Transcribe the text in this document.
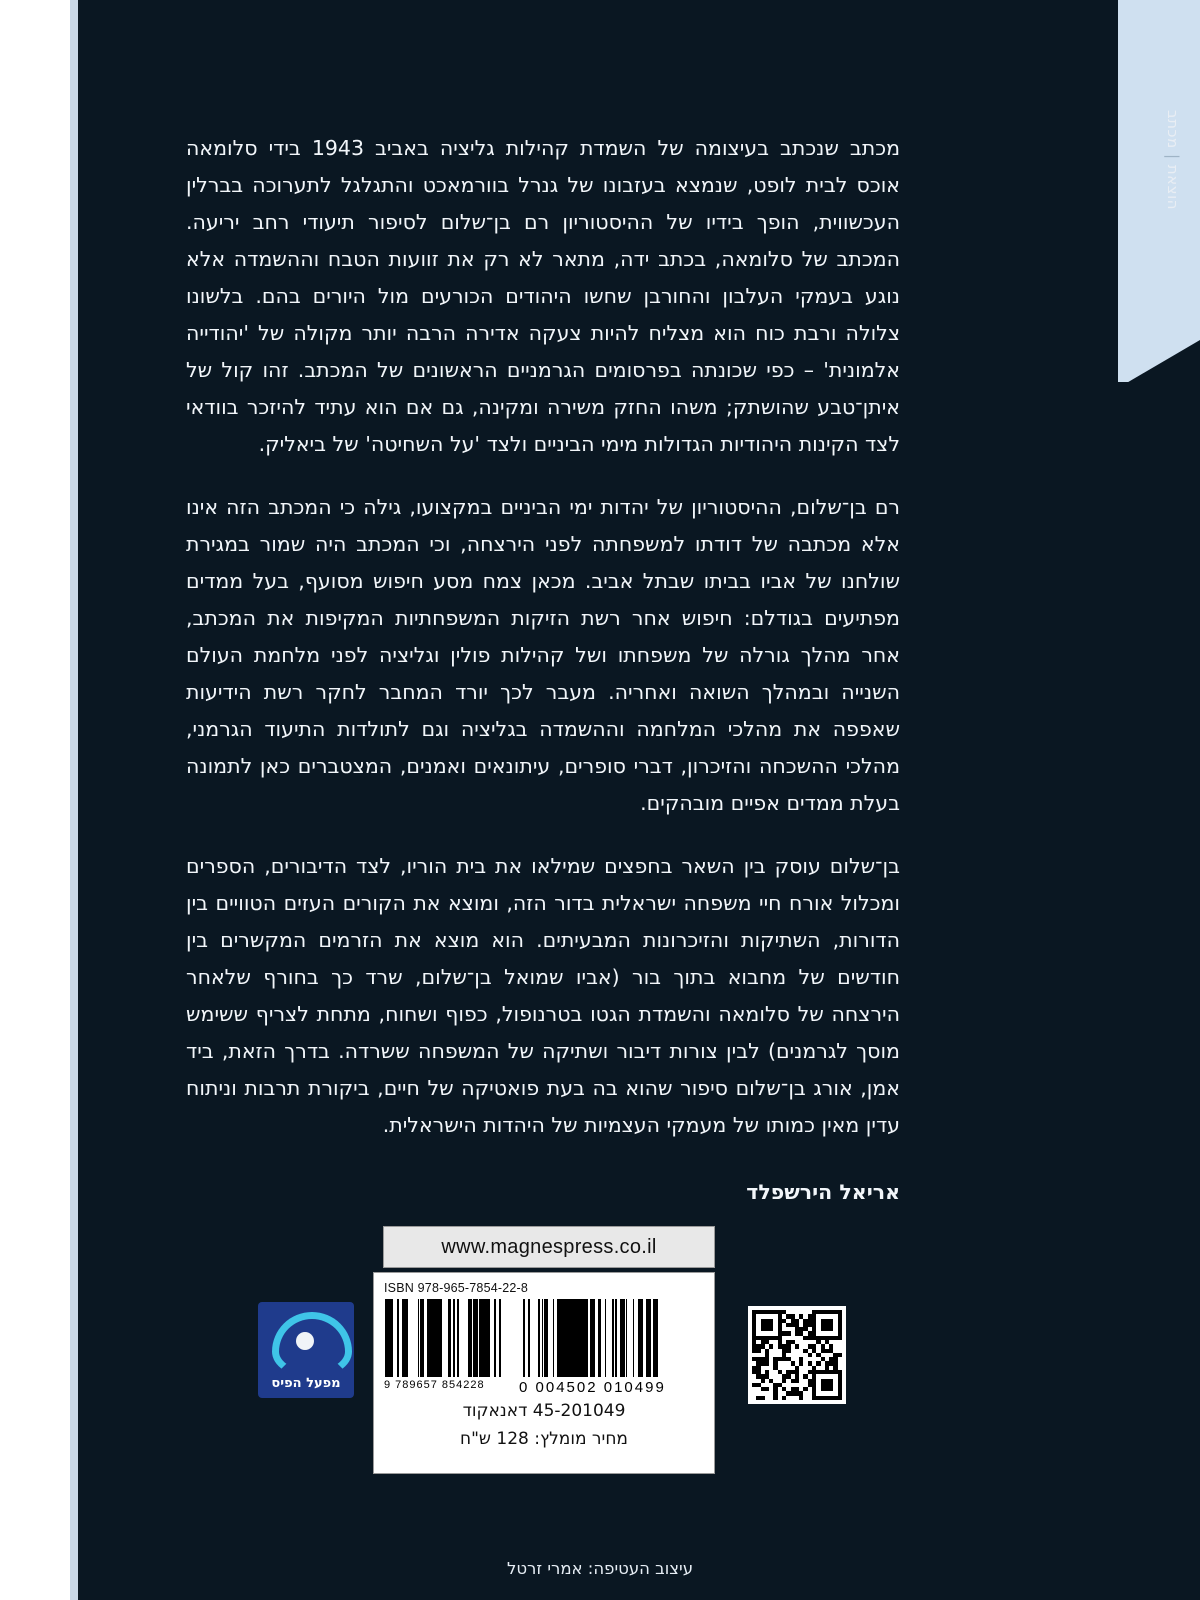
הוצאת | מכתב

מכתב שנכתב בעיצומה של השמדת קהילות גליציה באביב 1943 בידי סלומאה אוכס לבית לופט, שנמצא בעזבונו של גנרל בוורמאכט והתגלגל לתערוכה בברלין העכשווית, הופך בידיו של ההיסטוריון רם בן־שלום לסיפור תיעודי רחב יריעה. המכתב של סלומאה, בכתב ידה, מתאר לא רק את זוועות הטבח וההשמדה אלא נוגע בעמקי העלבון והחורבן שחשו היהודים הכורעים מול היורים בהם. בלשונו צלולה ורבת כוח הוא מצליח להיות צעקה אדירה הרבה יותר מקולה של 'יהודייה אלמונית' – כפי שכונתה בפרסומים הגרמניים הראשונים של המכתב. זהו קול של איתן־טבע שהושתק; משהו החזק משירה ומקינה, גם אם הוא עתיד להיזכר בוודאי לצד הקינות היהודיות הגדולות מימי הביניים ולצד 'על השחיטה' של ביאליק.

רם בן־שלום, ההיסטוריון של יהדות ימי הביניים במקצועו, גילה כי המכתב הזה אינו אלא מכתבה של דודתו למשפחתה לפני הירצחה, וכי המכתב היה שמור במגירת שולחנו של אביו בביתו שבתל אביב. מכאן צמח מסע חיפוש מסועף, בעל ממדים מפתיעים בגודלם: חיפוש אחר רשת הזיקות המשפחתיות המקיפות את המכתב, אחר מהלך גורלה של משפחתו ושל קהילות פולין וגליציה לפני מלחמת העולם השנייה ובמהלך השואה ואחריה. מעבר לכך יורד המחבר לחקר רשת הידיעות שאפפה את מהלכי המלחמה וההשמדה בגליציה וגם לתולדות התיעוד הגרמני, מהלכי ההשכחה והזיכרון, דברי סופרים, עיתונאים ואמנים, המצטברים כאן לתמונה בעלת ממדים אפיים מובהקים.

בן־שלום עוסק בין השאר בחפצים שמילאו את בית הוריו, לצד הדיבורים, הספרים ומכלול אורח חיי משפחה ישראלית בדור הזה, ומוצא את הקורים העזים הטוויים בין הדורות, השתיקות והזיכרונות המבעיתים. הוא מוצא את הזרמים המקשרים בין חודשים של מחבוא בתוך בור (אביו שמואל בן־שלום, שרד כך בחורף שלאחר הירצחה של סלומאה והשמדת הגטו בטרנופול, כפוף ושחוח, מתחת לצריף ששימש מוסך לגרמנים) לבין צורות דיבור ושתיקה של המשפחה ששרדה. בדרך הזאת, ביד אמן, אורג בן־שלום סיפור שהוא בה בעת פואטיקה של חיים, ביקורת תרבות וניתוח עדין מאין כמותו של מעמקי העצמיות של היהדות הישראלית.

אריאל הירשפלד
www.magnespress.co.il
ISBN 978-965-7854-22-8
9 789657 854228 0 004502 010499
45-201049 דאנאקוד
מחיר מומלץ: 128 ש"ח
מפעל הפיס
עיצוב העטיפה: אמרי זרטל
